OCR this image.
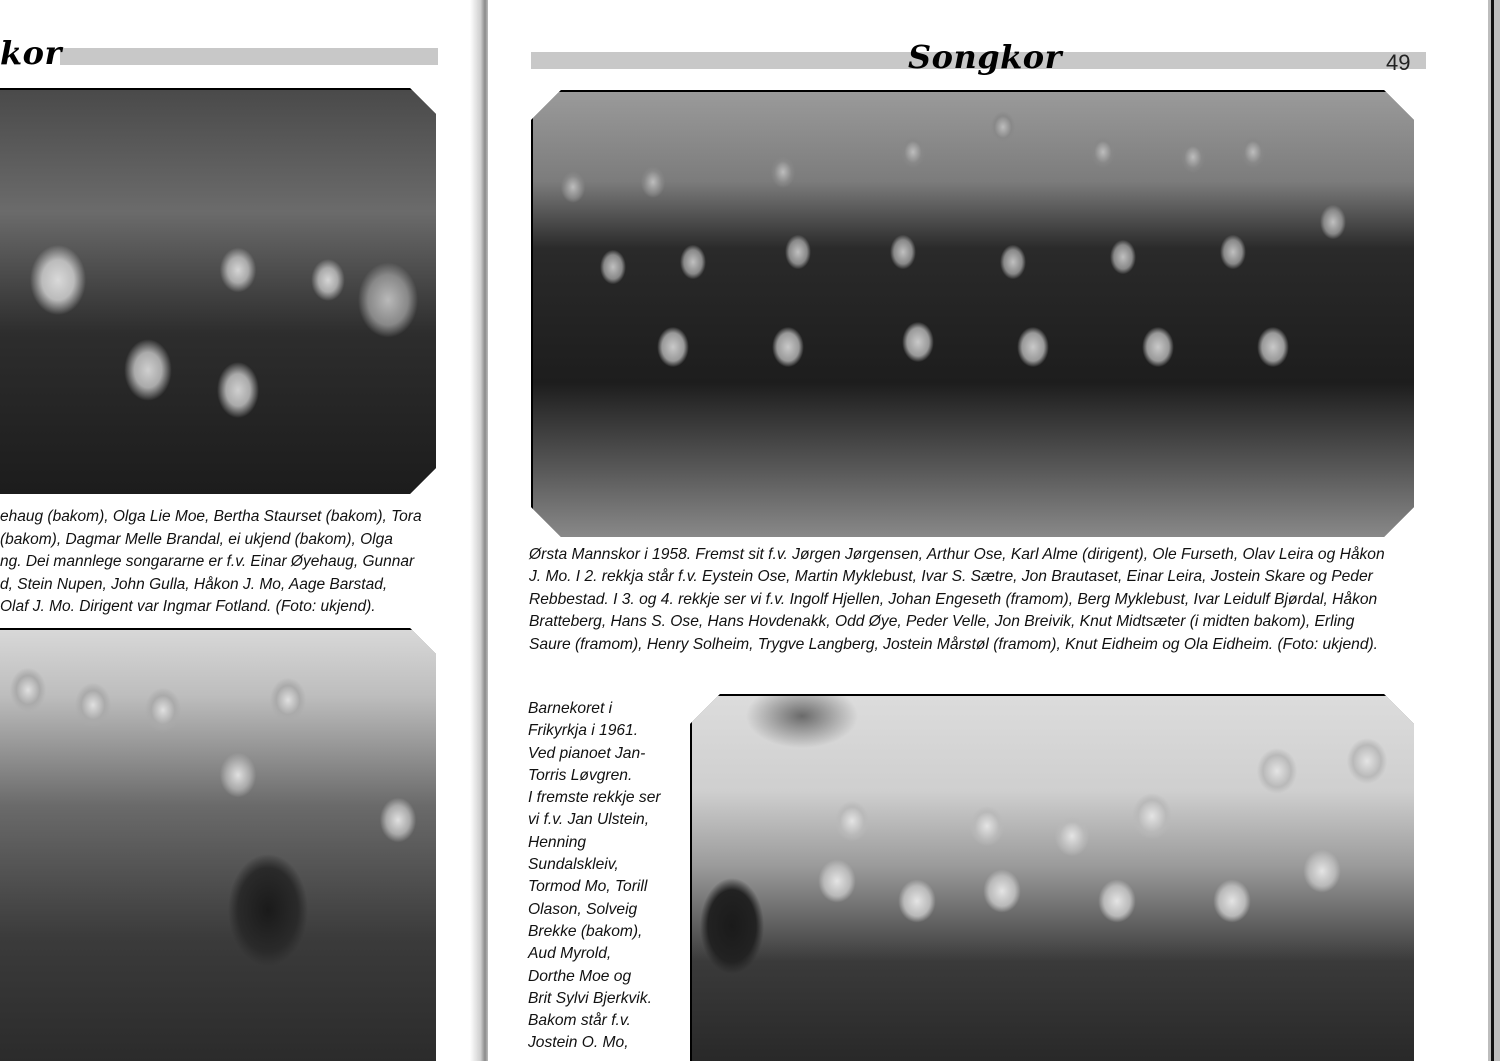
kor

ehaug (bakom), Olga Lie Moe, Bertha Staurset (bakom), Tora

(bakom), Dagmar Melle Brandal, ei ukjend (bakom), Olga

ng. Dei mannlege songararne er f.v. Einar Øyehaug, Gunnar

d, Stein Nupen, John Gulla, Håkon J. Mo, Aage Barstad,

Olaf J. Mo. Dirigent var Ingmar Fotland. (Foto: ukjend).

Songkor	49

Ørsta Mannskor i 1958. Fremst sit f.v. Jørgen Jørgensen, Arthur Ose, Karl Alme (dirigent), Ole Furseth, Olav Leira og Håkon

J. Mo. I 2. rekkja står f.v. Eystein Ose, Martin Myklebust, Ivar S. Sætre, Jon Brautaset, Einar Leira, Jostein Skare og Peder

Rebbestad. I 3. og 4. rekkje ser vi f.v. Ingolf Hjellen, Johan Engeseth (framom), Berg Myklebust, Ivar Leidulf Bjørdal, Håkon

Bratteberg, Hans S. Ose, Hans Hovdenakk, Odd Øye, Peder Velle, Jon Breivik, Knut Midtsæter (i midten bakom), Erling

Saure (framom), Henry Solheim, Trygve Langberg, Jostein Mårstøl (framom), Knut Eidheim og Ola Eidheim. (Foto: ukjend).

Barnekoret i

Frikyrkja i 1961.

Ved pianoet Jan-

Torris Løvgren.

I fremste rekkje ser

vi f.v. Jan Ulstein,

Henning

Sundalskleiv,

Tormod Mo, Torill

Olason, Solveig

Brekke (bakom),

Aud Myrold,

Dorthe Moe og

Brit Sylvi Bjerkvik.

Bakom står f.v.

Jostein O. Mo,
